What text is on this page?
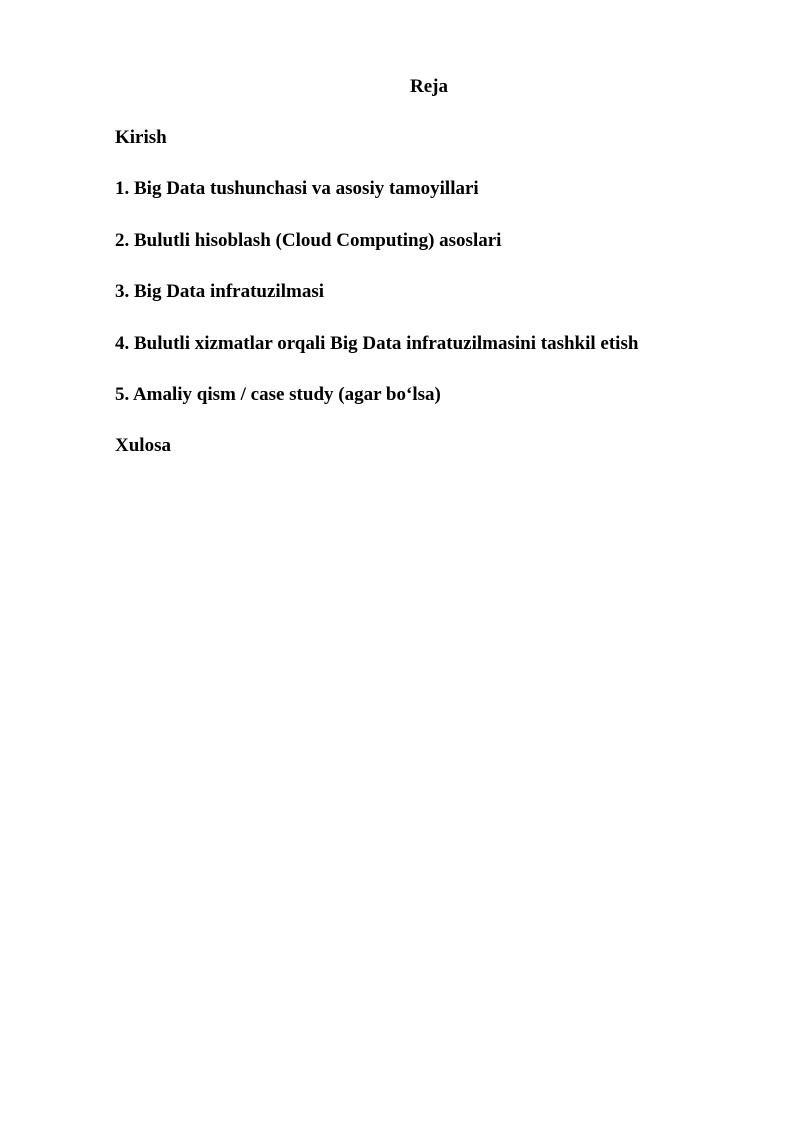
Reja
Kirish
1. Big Data tushunchasi va asosiy tamoyillari
2. Bulutli hisoblash (Cloud Computing) asoslari
3. Big Data infratuzilmasi
4. Bulutli xizmatlar orqali Big Data infratuzilmasini tashkil etish
5. Amaliy qism / case study (agar bo‘lsa)
Xulosa
